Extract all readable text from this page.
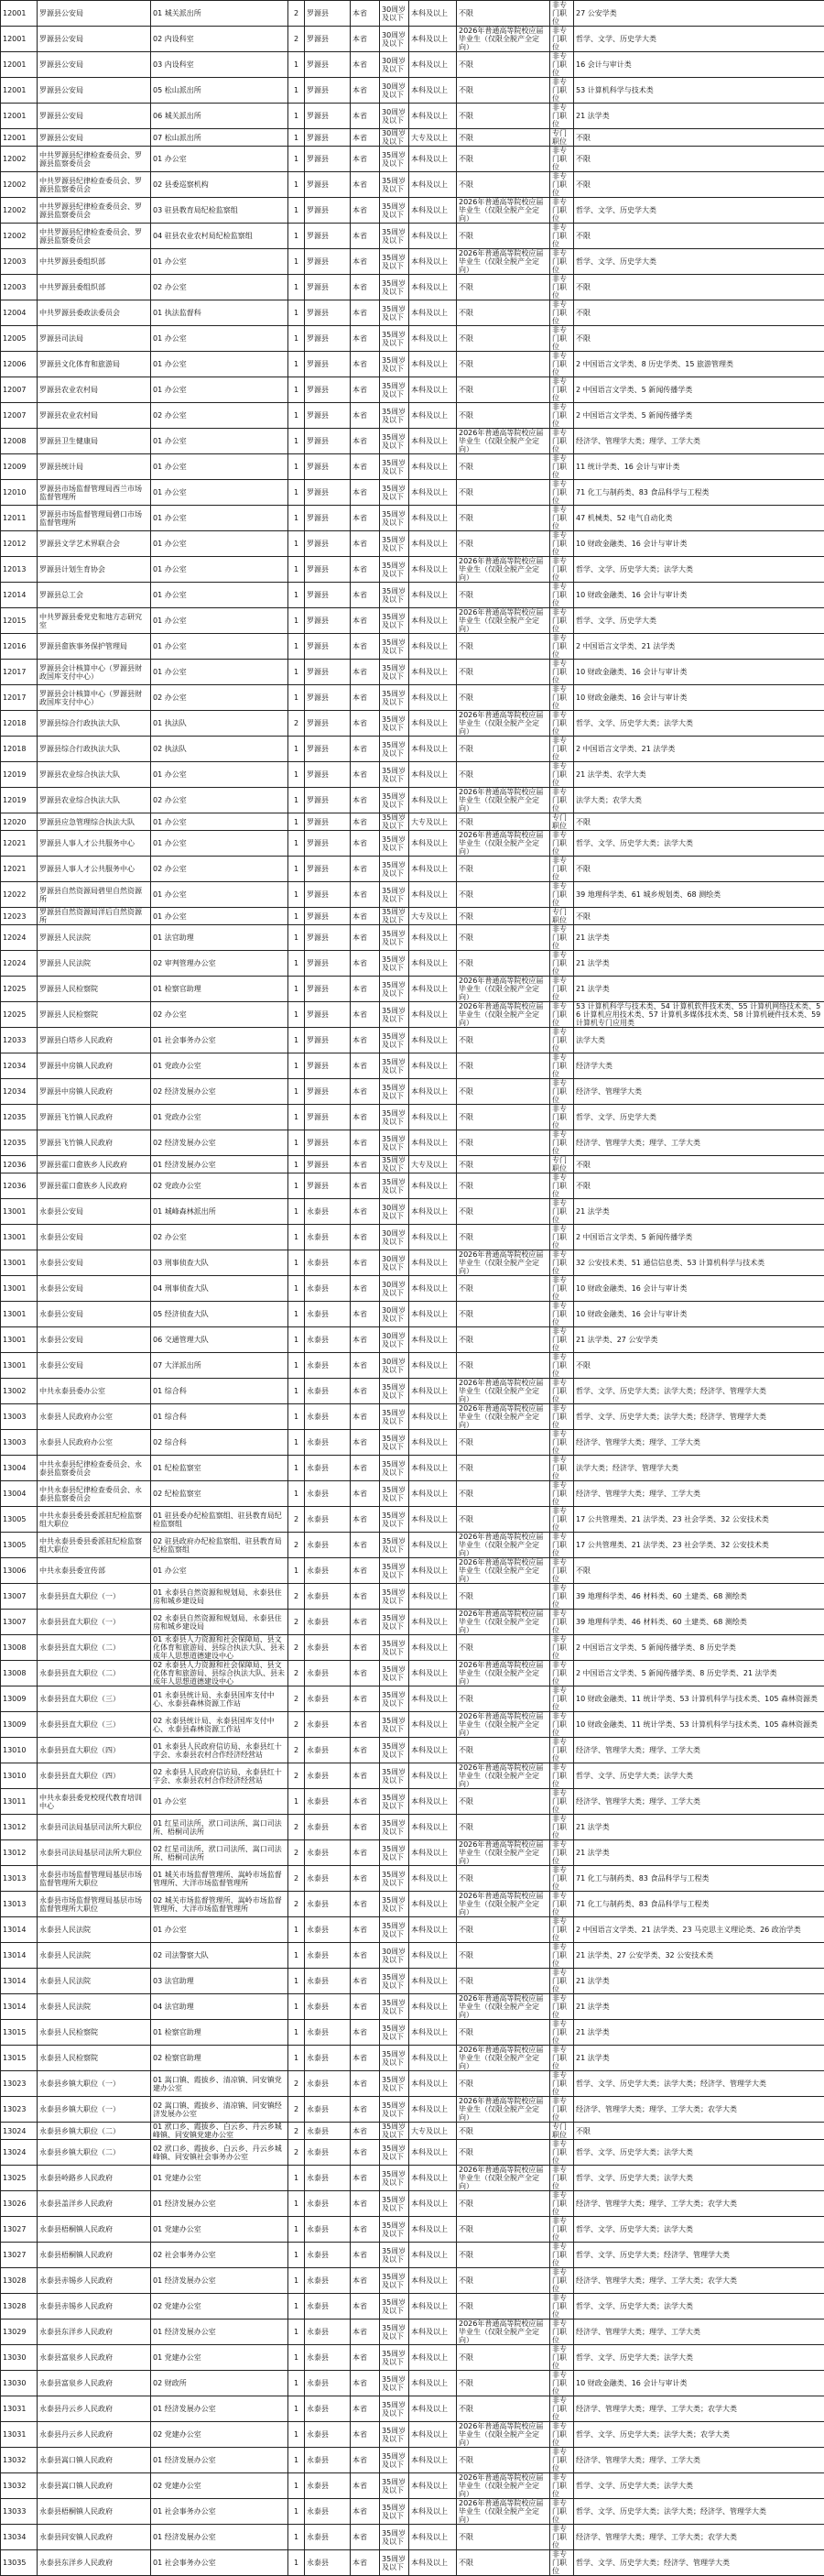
12001	罗源县公安局	01 城关派出所	2	罗源县	本省	30周岁及以下	本科及以上	不限	非专门职位	27 公安学类
12001	罗源县公安局	02 内设科室	2	罗源县	本省	30周岁及以下	本科及以上	2026年普通高等院校应届毕业生（仅限全脱产全定向）	非专门职位	哲学、文学、历史学大类
12001	罗源县公安局	03 内设科室	1	罗源县	本省	30周岁及以下	本科及以上	不限	非专门职位	16 会计与审计类
12001	罗源县公安局	05 松山派出所	1	罗源县	本省	30周岁及以下	本科及以上	不限	非专门职位	53 计算机科学与技术类
12001	罗源县公安局	06 城关派出所	1	罗源县	本省	30周岁及以下	本科及以上	不限	非专门职位	21 法学类
12001	罗源县公安局	07 松山派出所	1	罗源县	本省	30周岁及以下	大专及以上	不限	专门职位	不限
12002	中共罗源县纪律检查委员会、罗源县监察委员会	01 办公室	1	罗源县	本省	35周岁及以下	本科及以上	不限	非专门职位	不限
12002	中共罗源县纪律检查委员会、罗源县监察委员会	02 县委巡察机构	1	罗源县	本省	35周岁及以下	本科及以上	不限	非专门职位	不限
12002	中共罗源县纪律检查委员会、罗源县监察委员会	03 驻县教育局纪检监察组	1	罗源县	本省	35周岁及以下	本科及以上	2026年普通高等院校应届毕业生（仅限全脱产全定向）	非专门职位	哲学、文学、历史学大类
12002	中共罗源县纪律检查委员会、罗源县监察委员会	04 驻县农业农村局纪检监察组	1	罗源县	本省	35周岁及以下	本科及以上	不限	非专门职位	不限
12003	中共罗源县委组织部	01 办公室	1	罗源县	本省	35周岁及以下	本科及以上	2026年普通高等院校应届毕业生（仅限全脱产全定向）	非专门职位	哲学、文学、历史学大类
12003	中共罗源县委组织部	02 办公室	1	罗源县	本省	35周岁及以下	本科及以上	不限	非专门职位	不限
12004	中共罗源县委政法委员会	01 执法监督科	1	罗源县	本省	35周岁及以下	本科及以上	不限	非专门职位	不限
12005	罗源县司法局	01 办公室	1	罗源县	本省	35周岁及以下	本科及以上	不限	非专门职位	不限
12006	罗源县文化体育和旅游局	01 办公室	1	罗源县	本省	35周岁及以下	本科及以上	不限	非专门职位	2 中国语言文学类、8 历史学类、15 旅游管理类
12007	罗源县农业农村局	01 办公室	1	罗源县	本省	35周岁及以下	本科及以上	不限	非专门职位	2 中国语言文学类、5 新闻传播学类
12007	罗源县农业农村局	02 办公室	1	罗源县	本省	35周岁及以下	本科及以上	不限	非专门职位	2 中国语言文学类、5 新闻传播学类
12008	罗源县卫生健康局	01 办公室	1	罗源县	本省	35周岁及以下	本科及以上	2026年普通高等院校应届毕业生（仅限全脱产全定向）	非专门职位	经济学、管理学大类；理学、工学大类
12009	罗源县统计局	01 办公室	1	罗源县	本省	35周岁及以下	本科及以上	不限	非专门职位	11 统计学类、16 会计与审计类
12010	罗源县市场监督管理局西兰市场监督管理所	01 办公室	1	罗源县	本省	35周岁及以下	本科及以上	不限	非专门职位	71 化工与制药类、83 食品科学与工程类
12011	罗源县市场监督管理局碧口市场监督管理所	01 办公室	1	罗源县	本省	35周岁及以下	本科及以上	不限	非专门职位	47 机械类、52 电气自动化类
12012	罗源县文学艺术界联合会	01 办公室	1	罗源县	本省	35周岁及以下	本科及以上	不限	非专门职位	10 财政金融类、16 会计与审计类
12013	罗源县计划生育协会	01 办公室	1	罗源县	本省	35周岁及以下	本科及以上	2026年普通高等院校应届毕业生（仅限全脱产全定向）	非专门职位	哲学、文学、历史学大类；法学大类
12014	罗源县总工会	01 办公室	1	罗源县	本省	35周岁及以下	本科及以上	不限	非专门职位	10 财政金融类、16 会计与审计类
12015	中共罗源县委党史和地方志研究室	01 办公室	1	罗源县	本省	35周岁及以下	本科及以上	2026年普通高等院校应届毕业生（仅限全脱产全定向）	非专门职位	哲学、文学、历史学大类
12016	罗源县畲族事务保护管理局	01 办公室	1	罗源县	本省	35周岁及以下	本科及以上	不限	非专门职位	2 中国语言文学类、21 法学类
12017	罗源县会计核算中心（罗源县财政国库支付中心）	01 办公室	1	罗源县	本省	35周岁及以下	本科及以上	不限	非专门职位	10 财政金融类、16 会计与审计类
12017	罗源县会计核算中心（罗源县财政国库支付中心）	02 办公室	1	罗源县	本省	35周岁及以下	本科及以上	不限	非专门职位	10 财政金融类、16 会计与审计类
12018	罗源县综合行政执法大队	01 执法队	2	罗源县	本省	35周岁及以下	本科及以上	2026年普通高等院校应届毕业生（仅限全脱产全定向）	非专门职位	哲学、文学、历史学大类；法学大类
12018	罗源县综合行政执法大队	02 执法队	1	罗源县	本省	35周岁及以下	本科及以上	不限	非专门职位	2 中国语言文学类、21 法学类
12019	罗源县农业综合执法大队	01 办公室	1	罗源县	本省	35周岁及以下	本科及以上	不限	非专门职位	21 法学类、农学大类
12019	罗源县农业综合执法大队	02 办公室	1	罗源县	本省	35周岁及以下	本科及以上	2026年普通高等院校应届毕业生（仅限全脱产全定向）	非专门职位	法学大类；农学大类
12020	罗源县应急管理综合执法大队	01 办公室	1	罗源县	本省	35周岁及以下	大专及以上	不限	专门职位	不限
12021	罗源县人事人才公共服务中心	01 办公室	1	罗源县	本省	35周岁及以下	本科及以上	2026年普通高等院校应届毕业生（仅限全脱产全定向）	非专门职位	哲学、文学、历史学大类；法学大类
12021	罗源县人事人才公共服务中心	02 办公室	1	罗源县	本省	35周岁及以下	本科及以上	不限	非专门职位	不限
12022	罗源县自然资源局碧里自然资源所	01 办公室	1	罗源县	本省	35周岁及以下	本科及以上	不限	非专门职位	39 地理科学类、61 城乡规划类、68 测绘类
12023	罗源县自然资源局洋后自然资源所	01 办公室	1	罗源县	本省	35周岁及以下	大专及以上	不限	专门职位	不限
12024	罗源县人民法院	01 法官助理	1	罗源县	本省	35周岁及以下	本科及以上	不限	非专门职位	21 法学类
12024	罗源县人民法院	02 审判管理办公室	1	罗源县	本省	35周岁及以下	本科及以上	不限	非专门职位	21 法学类
12025	罗源县人民检察院	01 检察官助理	1	罗源县	本省	35周岁及以下	本科及以上	2026年普通高等院校应届毕业生（仅限全脱产全定向）	非专门职位	21 法学类
12025	罗源县人民检察院	02 办公室	1	罗源县	本省	35周岁及以下	本科及以上	2026年普通高等院校应届毕业生（仅限全脱产全定向）	非专门职位	53 计算机科学与技术类、54 计算机软件技术类、55 计算机网络技术类、56 计算机应用技术类、57 计算机多媒体技术类、58 计算机硬件技术类、59 计算机专门应用类
12033	罗源县白塔乡人民政府	01 社会事务办公室	1	罗源县	本省	35周岁及以下	本科及以上	不限	非专门职位	法学大类
12034	罗源县中房镇人民政府	01 党政办公室	1	罗源县	本省	35周岁及以下	本科及以上	不限	非专门职位	经济学大类
12034	罗源县中房镇人民政府	02 经济发展办公室	1	罗源县	本省	35周岁及以下	本科及以上	不限	非专门职位	经济学、管理学大类
12035	罗源县飞竹镇人民政府	01 党政办公室	1	罗源县	本省	35周岁及以下	本科及以上	不限	非专门职位	哲学、文学、历史学大类
12035	罗源县飞竹镇人民政府	02 经济发展办公室	1	罗源县	本省	35周岁及以下	本科及以上	不限	非专门职位	经济学、管理学大类；理学、工学大类
12036	罗源县霍口畲族乡人民政府	01 经济发展办公室	1	罗源县	本省	35周岁及以下	大专及以上	不限	专门职位	不限
12036	罗源县霍口畲族乡人民政府	02 党政办公室	1	罗源县	本省	35周岁及以下	本科及以上	不限	非专门职位	不限
13001	永泰县公安局	01 城峰森林派出所	1	永泰县	本省	30周岁及以下	本科及以上	不限	非专门职位	21 法学类
13001	永泰县公安局	02 办公室	1	永泰县	本省	30周岁及以下	本科及以上	不限	非专门职位	2 中国语言文学类、5 新闻传播学类
13001	永泰县公安局	03 刑事侦查大队	1	永泰县	本省	30周岁及以下	本科及以上	2026年普通高等院校应届毕业生（仅限全脱产全定向）	非专门职位	32 公安技术类、51 通信信息类、53 计算机科学与技术类
13001	永泰县公安局	04 刑事侦查大队	1	永泰县	本省	30周岁及以下	本科及以上	不限	非专门职位	10 财政金融类、16 会计与审计类
13001	永泰县公安局	05 经济侦查大队	1	永泰县	本省	30周岁及以下	本科及以上	不限	非专门职位	10 财政金融类、16 会计与审计类
13001	永泰县公安局	06 交通管理大队	1	永泰县	本省	30周岁及以下	本科及以上	不限	非专门职位	21 法学类、27 公安学类
13001	永泰县公安局	07 大洋派出所	1	永泰县	本省	30周岁及以下	本科及以上	不限	非专门职位	不限
13002	中共永泰县委办公室	01 综合科	1	永泰县	本省	35周岁及以下	本科及以上	2026年普通高等院校应届毕业生（仅限全脱产全定向）	非专门职位	哲学、文学、历史学大类；法学大类；经济学、管理学大类
13003	永泰县人民政府办公室	01 综合科	1	永泰县	本省	35周岁及以下	本科及以上	2026年普通高等院校应届毕业生（仅限全脱产全定向）	非专门职位	哲学、文学、历史学大类；法学大类；经济学、管理学大类
13003	永泰县人民政府办公室	02 综合科	1	永泰县	本省	35周岁及以下	本科及以上	不限	非专门职位	经济学、管理学大类；理学、工学大类
13004	中共永泰县纪律检查委员会、永泰县监察委员会	01 纪检监察室	1	永泰县	本省	35周岁及以下	本科及以上	不限	非专门职位	法学大类；经济学、管理学大类
13004	中共永泰县纪律检查委员会、永泰县监察委员会	02 纪检监察室	1	永泰县	本省	35周岁及以下	本科及以上	不限	非专门职位	经济学、管理学大类；理学、工学大类
13005	中共永泰县委县委派驻纪检监察组大职位	01 驻县委办纪检监察组、驻县教育局纪检监察组	2	永泰县	本省	35周岁及以下	本科及以上	不限	非专门职位	17 公共管理类、21 法学类、23 社会学类、32 公安技术类
13005	中共永泰县委县委派驻纪检监察组大职位	02 驻县政府办纪检监察组、驻县教育局纪检监察组	2	永泰县	本省	35周岁及以下	本科及以上	2026年普通高等院校应届毕业生（仅限全脱产全定向）	非专门职位	17 公共管理类、21 法学类、23 社会学类、32 公安技术类
13006	中共永泰县委宣传部	01 办公室	1	永泰县	本省	35周岁及以下	本科及以上	2026年普通高等院校应届毕业生（仅限全脱产全定向）	非专门职位	不限
13007	永泰县县直大职位（一）	01 永泰县自然资源和规划局、永泰县住房和城乡建设局	2	永泰县	本省	35周岁及以下	本科及以上	不限	非专门职位	39 地理科学类、46 材料类、60 土建类、68 测绘类
13007	永泰县县直大职位（一）	02 永泰县自然资源和规划局、永泰县住房和城乡建设局	2	永泰县	本省	35周岁及以下	本科及以上	2026年普通高等院校应届毕业生（仅限全脱产全定向）	非专门职位	39 地理科学类、46 材料类、60 土建类、68 测绘类
13008	永泰县县直大职位（二）	01 永泰县人力资源和社会保障局、县文化体育和旅游局、县综合执法大队、县未成年人思想道德建设中心	2	永泰县	本省	35周岁及以下	本科及以上	不限	非专门职位	2 中国语言文学类、5 新闻传播学类、8 历史学类
13008	永泰县县直大职位（二）	02 永泰县人力资源和社会保障局、县文化体育和旅游局、县综合执法大队、县未成年人思想道德建设中心	2	永泰县	本省	35周岁及以下	本科及以上	2026年普通高等院校应届毕业生（仅限全脱产全定向）	非专门职位	2 中国语言文学类、5 新闻传播学类、8 历史学类、21 法学类
13009	永泰县县直大职位（三）	01 永泰县统计局、永泰县国库支付中心、永泰县森林资源工作站	2	永泰县	本省	35周岁及以下	本科及以上	不限	非专门职位	10 财政金融类、11 统计学类、53 计算机科学与技术类、105 森林资源类
13009	永泰县县直大职位（三）	02 永泰县统计局、永泰县国库支付中心、永泰县森林资源工作站	2	永泰县	本省	35周岁及以下	本科及以上	2026年普通高等院校应届毕业生（仅限全脱产全定向）	非专门职位	10 财政金融类、11 统计学类、53 计算机科学与技术类、105 森林资源类
13010	永泰县县直大职位（四）	01 永泰县人民政府信访局、永泰县红十字会、永泰县农村合作经济经营站	2	永泰县	本省	35周岁及以下	本科及以上	不限	非专门职位	经济学、管理学大类；理学、工学大类
13010	永泰县县直大职位（四）	02 永泰县人民政府信访局、永泰县红十字会、永泰县农村合作经济经营站	2	永泰县	本省	35周岁及以下	本科及以上	2026年普通高等院校应届毕业生（仅限全脱产全定向）	非专门职位	哲学、文学、历史学大类；法学大类
13011	中共永泰县委党校现代教育培训中心	01 办公室	1	永泰县	本省	35周岁及以下	本科及以上	不限	非专门职位	经济学、管理学大类；理学、工学大类
13012	永泰县司法局基层司法所大职位	01 红星司法所、洑口司法所、嵩口司法所、梧桐司法所	2	永泰县	本省	35周岁及以下	本科及以上	不限	非专门职位	21 法学类
13012	永泰县司法局基层司法所大职位	02 红星司法所、洑口司法所、嵩口司法所、梧桐司法所	2	永泰县	本省	35周岁及以下	本科及以上	2026年普通高等院校应届毕业生（仅限全脱产全定向）	非专门职位	21 法学类
13013	永泰县市场监督管理局基层市场监督管理所大职位	01 城关市场监督管理所、嵩岭市场监督管理所、大洋市场监督管理所	2	永泰县	本省	35周岁及以下	本科及以上	不限	非专门职位	71 化工与制药类、83 食品科学与工程类
13013	永泰县市场监督管理局基层市场监督管理所大职位	02 城关市场监督管理所、嵩岭市场监督管理所、大洋市场监督管理所	2	永泰县	本省	35周岁及以下	本科及以上	2026年普通高等院校应届毕业生（仅限全脱产全定向）	非专门职位	71 化工与制药类、83 食品科学与工程类
13014	永泰县人民法院	01 办公室	1	永泰县	本省	35周岁及以下	本科及以上	不限	非专门职位	2 中国语言文学类、21 法学类、23 马克思主义理论类、26 政治学类
13014	永泰县人民法院	02 司法警察大队	1	永泰县	本省	30周岁及以下	本科及以上	不限	非专门职位	21 法学类、27 公安学类、32 公安技术类
13014	永泰县人民法院	03 法官助理	1	永泰县	本省	35周岁及以下	本科及以上	不限	非专门职位	21 法学类
13014	永泰县人民法院	04 法官助理	1	永泰县	本省	35周岁及以下	本科及以上	2026年普通高等院校应届毕业生（仅限全脱产全定向）	非专门职位	21 法学类
13015	永泰县人民检察院	01 检察官助理	1	永泰县	本省	35周岁及以下	本科及以上	不限	非专门职位	21 法学类
13015	永泰县人民检察院	02 检察官助理	1	永泰县	本省	35周岁及以下	本科及以上	2026年普通高等院校应届毕业生（仅限全脱产全定向）	非专门职位	21 法学类
13023	永泰县乡镇大职位（一）	01 嵩口镇、霞拔乡、清凉镇、同安镇党建办公室	2	永泰县	本省	35周岁及以下	本科及以上	不限	非专门职位	哲学、文学、历史学大类；法学大类；经济学、管理学大类
13023	永泰县乡镇大职位（一）	02 嵩口镇、霞拔乡、清凉镇、同安镇经济发展办公室	2	永泰县	本省	35周岁及以下	本科及以上	2026年普通高等院校应届毕业生（仅限全脱产全定向）	非专门职位	经济学、管理学大类；理学、工学大类；农学大类
13024	永泰县乡镇大职位（二）	01 洑口乡、霞拔乡、白云乡、丹云乡城峰镇、同安镇党建办公室	2	永泰县	本省	35周岁及以下	大专及以上	不限	专门职位	不限
13024	永泰县乡镇大职位（二）	02 洑口乡、霞拔乡、白云乡、丹云乡城峰镇、同安镇社会事务办公室	2	永泰县	本省	35周岁及以下	本科及以上	不限	非专门职位	哲学、文学、历史学大类；法学大类
13025	永泰县岭路乡人民政府	01 党建办公室	1	永泰县	本省	35周岁及以下	本科及以上	2026年普通高等院校应届毕业生（仅限全脱产全定向）	非专门职位	哲学、文学、历史学大类；法学大类
13026	永泰县盖洋乡人民政府	01 经济发展办公室	1	永泰县	本省	35周岁及以下	本科及以上	不限	非专门职位	经济学、管理学大类；理学、工学大类；农学大类
13027	永泰县梧桐镇人民政府	01 党建办公室	1	永泰县	本省	35周岁及以下	本科及以上	不限	非专门职位	哲学、文学、历史学大类；法学大类
13027	永泰县梧桐镇人民政府	02 社会事务办公室	1	永泰县	本省	35周岁及以下	本科及以上	不限	非专门职位	哲学、文学、历史学大类；经济学、管理学大类
13028	永泰县赤锡乡人民政府	01 经济发展办公室	1	永泰县	本省	35周岁及以下	本科及以上	不限	非专门职位	经济学、管理学大类；理学、工学大类；农学大类
13028	永泰县赤锡乡人民政府	02 党建办公室	1	永泰县	本省	35周岁及以下	本科及以上	不限	非专门职位	哲学、文学、历史学大类；法学大类
13029	永泰县东洋乡人民政府	01 经济发展办公室	1	永泰县	本省	35周岁及以下	本科及以上	2026年普通高等院校应届毕业生（仅限全脱产全定向）	非专门职位	经济学、管理学大类；理学、工学大类
13030	永泰县富泉乡人民政府	01 党建办公室	1	永泰县	本省	35周岁及以下	本科及以上	不限	非专门职位	哲学、文学、历史学大类；法学大类
13030	永泰县富泉乡人民政府	02 财政所	1	永泰县	本省	35周岁及以下	本科及以上	不限	非专门职位	10 财政金融类、16 会计与审计类
13031	永泰县丹云乡人民政府	01 经济发展办公室	1	永泰县	本省	35周岁及以下	本科及以上	不限	非专门职位	经济学、管理学大类；理学、工学大类；农学大类
13031	永泰县丹云乡人民政府	02 党建办公室	1	永泰县	本省	35周岁及以下	本科及以上	2026年普通高等院校应届毕业生（仅限全脱产全定向）	非专门职位	哲学、文学、历史学大类；法学大类；农学大类
13032	永泰县嵩口镇人民政府	01 经济发展办公室	1	永泰县	本省	35周岁及以下	本科及以上	不限	非专门职位	经济学、管理学大类；理学、工学大类
13032	永泰县嵩口镇人民政府	02 党建办公室	1	永泰县	本省	35周岁及以下	本科及以上	2026年普通高等院校应届毕业生（仅限全脱产全定向）	非专门职位	哲学、文学、历史学大类；法学大类
13033	永泰县梧桐镇人民政府	01 社会事务办公室	1	永泰县	本省	35周岁及以下	本科及以上	2026年普通高等院校应届毕业生（仅限全脱产全定向）	非专门职位	哲学、文学、历史学大类；法学大类；经济学、管理学大类
13034	永泰县同安镇人民政府	01 经济发展办公室	1	永泰县	本省	35周岁及以下	本科及以上	不限	非专门职位	经济学、管理学大类；理学、工学大类；农学大类
13035	永泰县东洋乡人民政府	01 社会事务办公室	1	永泰县	本省	35周岁及以下	本科及以上	不限	非专门职位	哲学、文学、历史学大类；经济学、管理学大类
